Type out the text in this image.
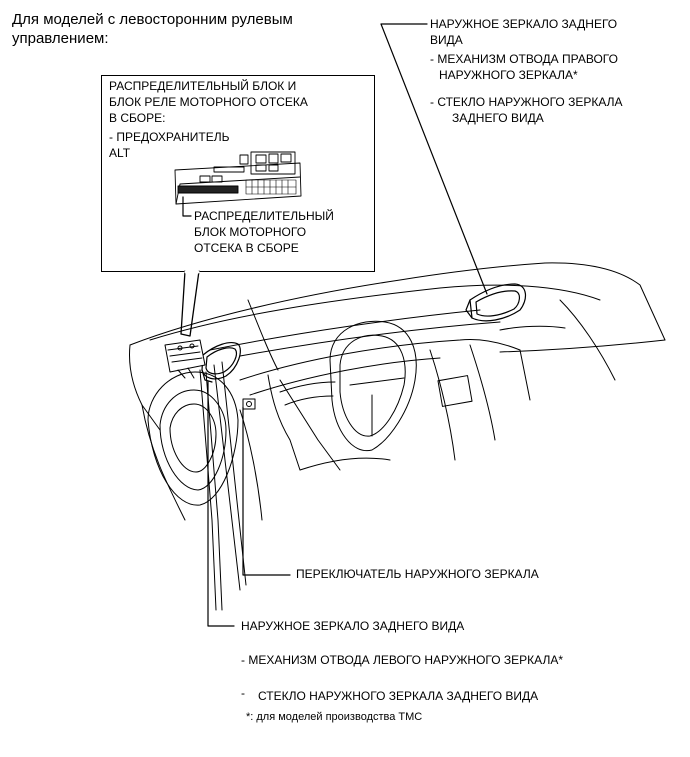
Для моделей с левосторонним рулевым
управлением:
РАСПРЕДЕЛИТЕЛЬНЫЙ БЛОК И
БЛОК РЕЛЕ МОТОРНОГО ОТСЕКА
В СБОРЕ:
- ПРЕДОХРАНИТЕЛЬ
ALT
РАСПРЕДЕЛИТЕЛЬНЫЙ
БЛОК МОТОРНОГО
ОТСЕКА В СБОРЕ
НАРУЖНОЕ ЗЕРКАЛО ЗАДНЕГО
ВИДА
- МЕХАНИЗМ ОТВОДА ПРАВОГО
НАРУЖНОГО ЗЕРКАЛА*
- СТЕКЛО НАРУЖНОГО ЗЕРКАЛА
ЗАДНЕГО ВИДА
ПЕРЕКЛЮЧАТЕЛЬ НАРУЖНОГО ЗЕРКАЛА
НАРУЖНОЕ ЗЕРКАЛО ЗАДНЕГО ВИДА
- МЕХАНИЗМ ОТВОДА ЛЕВОГО НАРУЖНОГО ЗЕРКАЛА*
- СТЕКЛО НАРУЖНОГО ЗЕРКАЛА ЗАДНЕГО ВИДА
*: для моделей производства TMC
